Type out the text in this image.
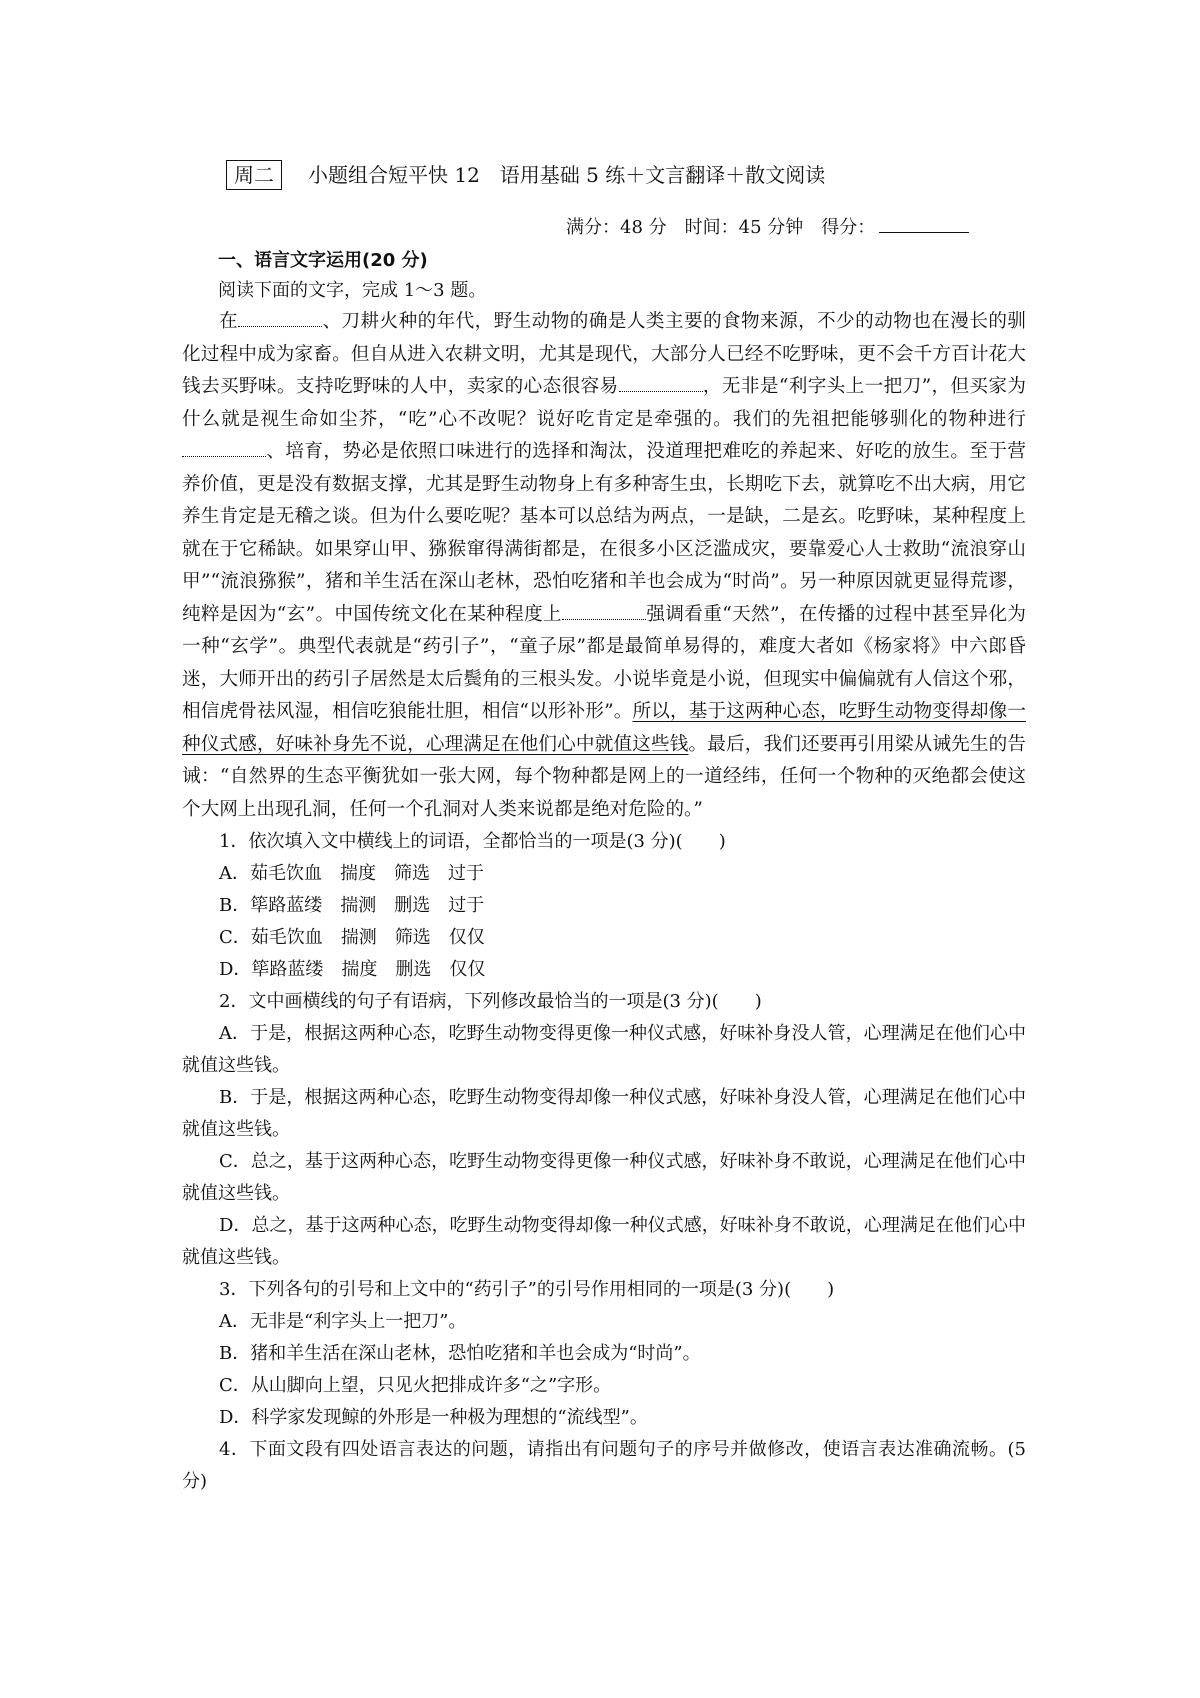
周二 小题组合短平快 12　语用基础 5 练＋文言翻译＋散文阅读
满分：48 分 时间：45 分钟 得分：
一、语言文字运用(20 分)

阅读下面的文字，完成 1～3 题。

在	、刀耕火种的年代，野生动物的确是人类主要的食物来源，不少的动物也在漫长的驯化过程中成为家畜。但自从进入农耕文明，尤其是现代，大部分人已经不吃野味，更不会千方百计花大钱去买野味。支持吃野味的人中，卖家的心态很容易	，无非是“利字头上一把刀”，但买家为什么就是视生命如尘芥，“吃”心不改呢？说好吃肯定是牵强的。我们的先祖把能够驯化的物种进行、培育，势必是依照口味进行的选择和淘汰，没道理把难吃的养起来、好吃的放生。至于营养价值，更是没有数据支撑，尤其是野生动物身上有多种寄生虫，长期吃下去，就算吃不出大病，用它养生肯定是无稽之谈。但为什么要吃呢？基本可以总结为两点，一是缺，二是玄。吃野味，某种程度上就在于它稀缺。如果穿山甲、猕猴窜得满街都是，在很多小区泛滥成灾，要靠爱心人士救助“流浪穿山甲”“流浪猕猴”，猪和羊生活在深山老林，恐怕吃猪和羊也会成为“时尚”。另一种原因就更显得荒谬，纯粹是因为“玄”。中国传统文化在某种程度上	强调看重“天然”，在传播的过程中甚至异化为一种“玄学”。典型代表就是“药引子”，“童子尿”都是最简单易得的，难度大者如《杨家将》中六郎昏迷，大师开出的药引子居然是太后鬓角的三根头发。小说毕竟是小说，但现实中偏偏就有人信这个邪，相信虎骨祛风湿，相信吃狼能壮胆，相信“以形补形”。所以，基于这两种心态，吃野生动物变得却像一种仪式感，好味补身先不说，心理满足在他们心中就值这些钱。最后，我们还要再引用梁从诫先生的告诫：“自然界的生态平衡犹如一张大网，每个物种都是网上的一道经纬，任何一个物种的灭绝都会使这个大网上出现孔洞，任何一个孔洞对人类来说都是绝对危险的。”

1．依次填入文中横线上的词语，全都恰当的一项是(3 分)(　　)

A．茹毛饮血　揣度　筛选　过于

B．筚路蓝缕　揣测　删选　过于

C．茹毛饮血　揣测　筛选　仅仅

D．筚路蓝缕　揣度　删选　仅仅

2．文中画横线的句子有语病，下列修改最恰当的一项是(3 分)(　　)

A．于是，根据这两种心态，吃野生动物变得更像一种仪式感，好味补身没人管，心理满足在他们心中就值这些钱。

B．于是，根据这两种心态，吃野生动物变得却像一种仪式感，好味补身没人管，心理满足在他们心中就值这些钱。

C．总之，基于这两种心态，吃野生动物变得更像一种仪式感，好味补身不敢说，心理满足在他们心中就值这些钱。

D．总之，基于这两种心态，吃野生动物变得却像一种仪式感，好味补身不敢说，心理满足在他们心中就值这些钱。

3．下列各句的引号和上文中的“药引子”的引号作用相同的一项是(3 分)(　　)

A．无非是“利字头上一把刀”。

B．猪和羊生活在深山老林，恐怕吃猪和羊也会成为“时尚”。

C．从山脚向上望，只见火把排成许多“之”字形。

D．科学家发现鲸的外形是一种极为理想的“流线型”。

4．下面文段有四处语言表达的问题，请指出有问题句子的序号并做修改，使语言表达准确流畅。(5 分)
